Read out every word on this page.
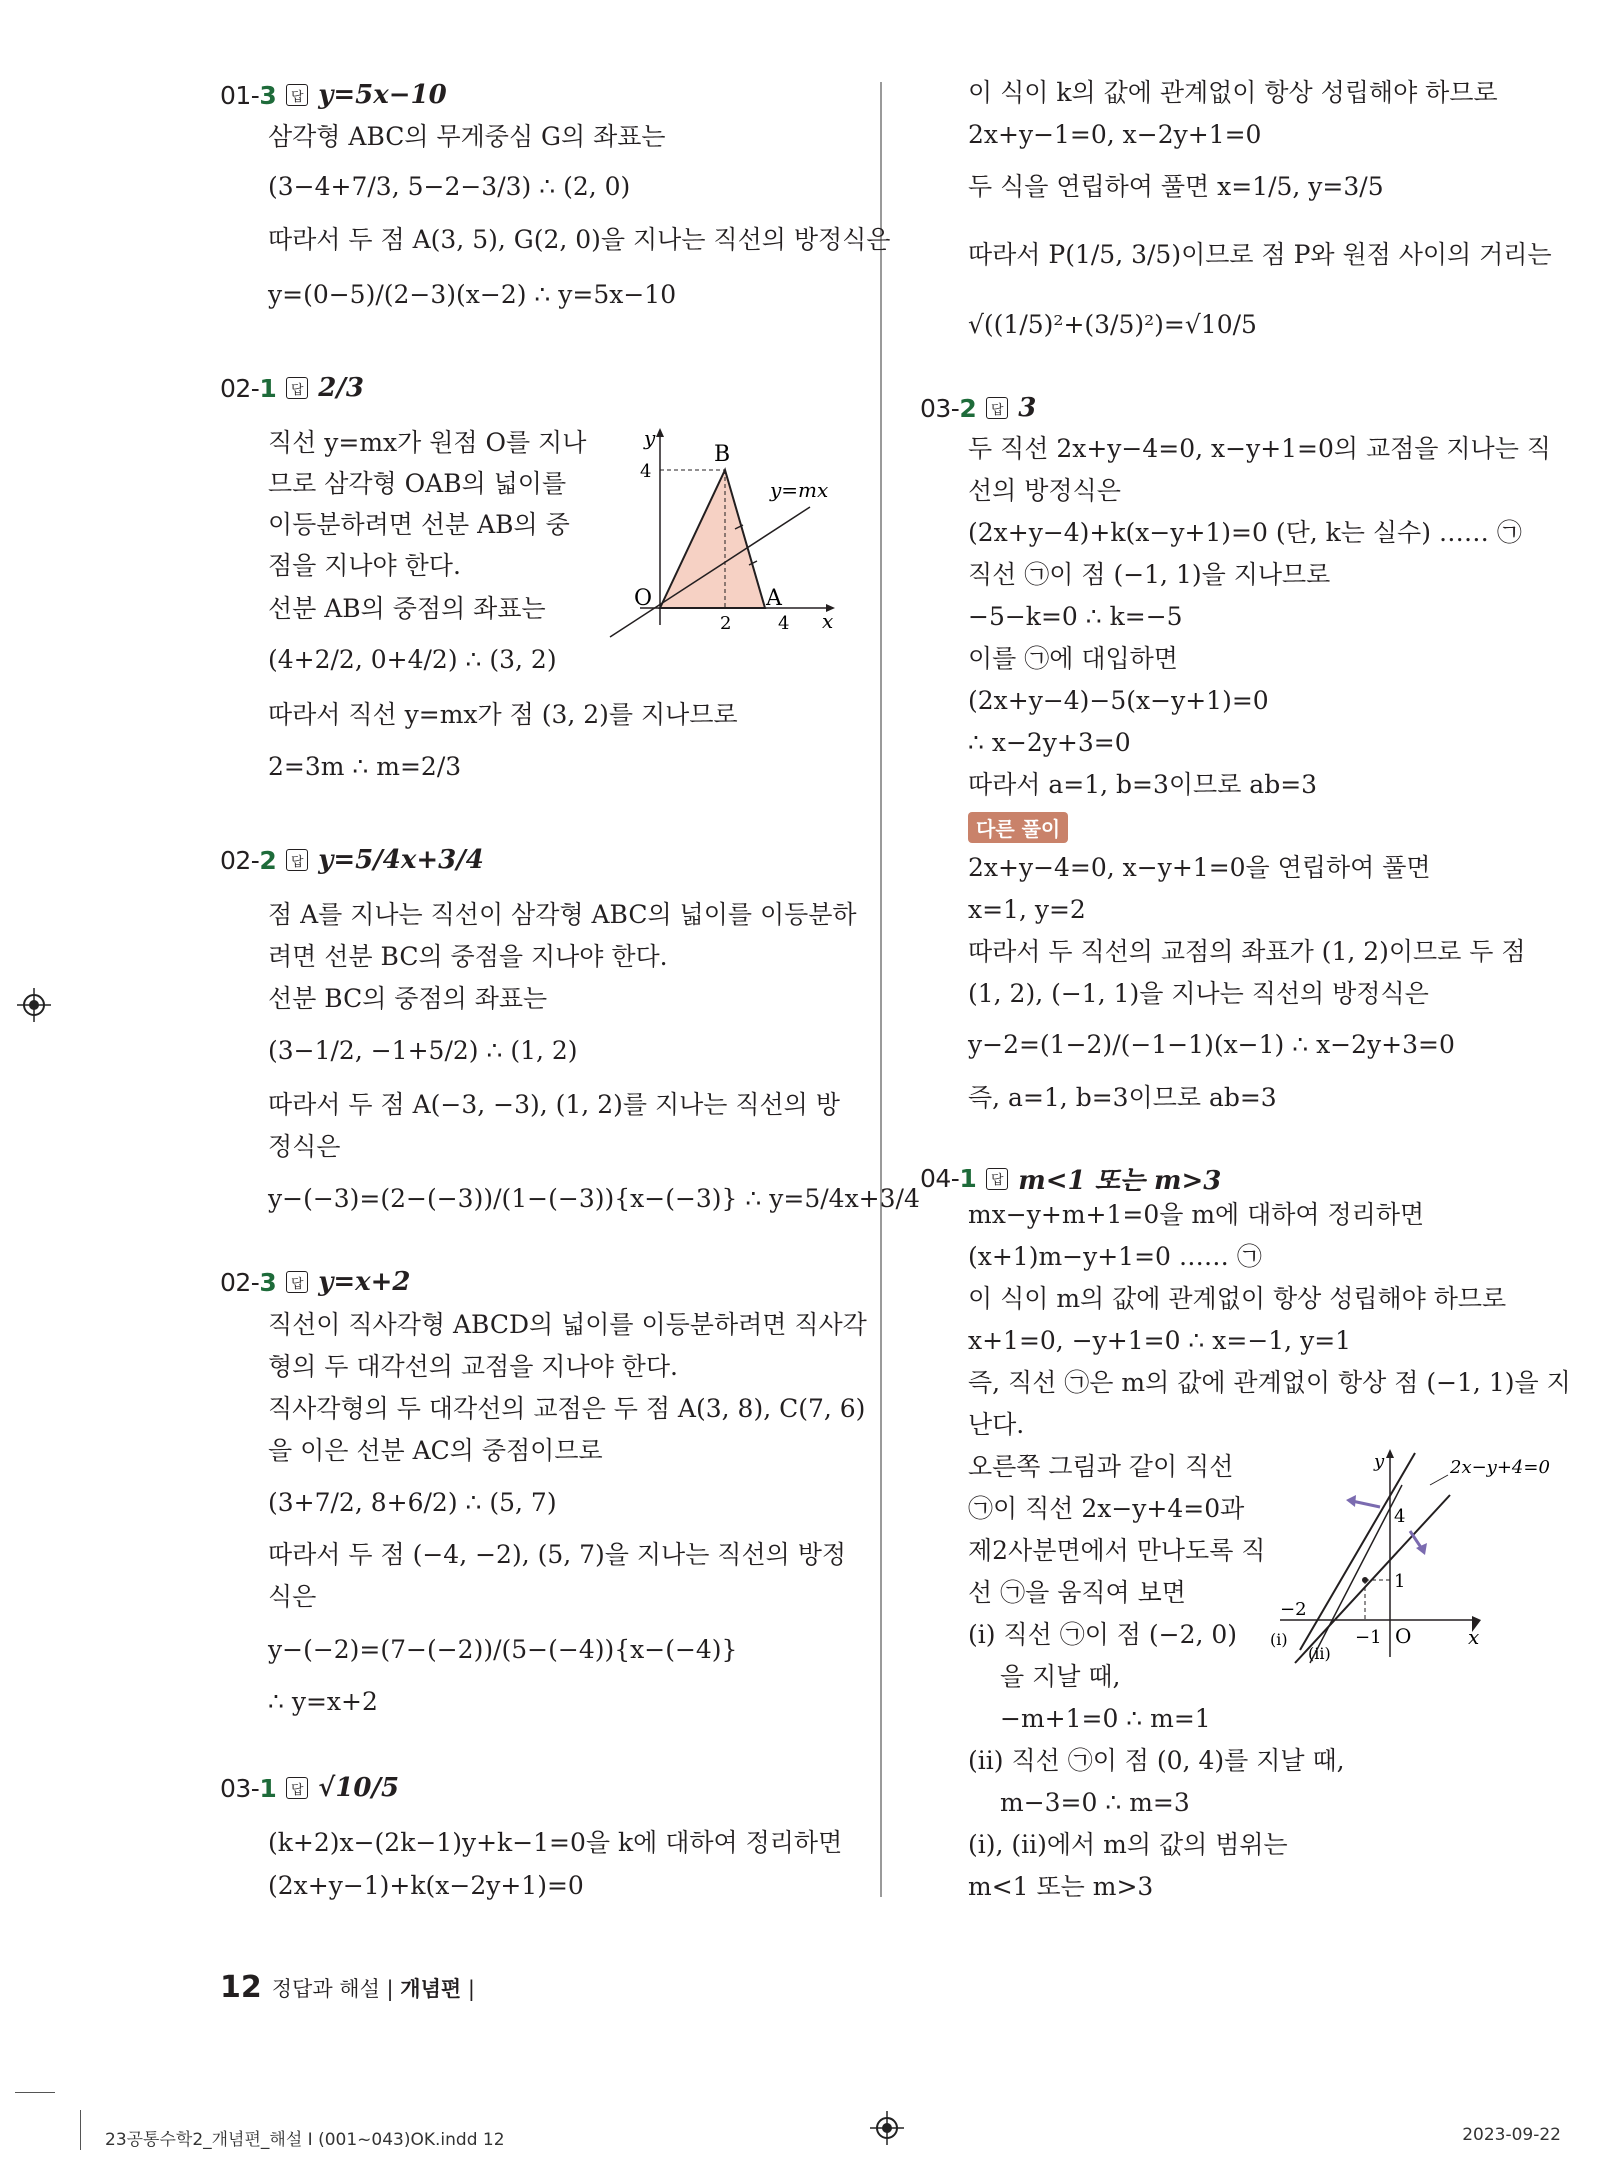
01-3	답 y=5x−10
삼각형 ABC의 무게중심 G의 좌표는
(3−4+7/3, 5−2−3/3) ∴ (2, 0)
따라서 두 점 A(3, 5), G(2, 0)을 지나는 직선의 방정식은
y=(0−5)/(2−3)(x−2) ∴ y=5x−10
02-1	답 2/3
직선 y=mx가 원점 O를 지나
므로 삼각형 OAB의 넓이를
이등분하려면 선분 AB의 중
점을 지나야 한다.
선분 AB의 중점의 좌표는
(4+2/2, 0+4/2) ∴ (3, 2)
따라서 직선 y=mx가 점 (3, 2)를 지나므로
2=3m ∴ m=2/3
y
x
O
B
A
4
2	4
y=mx
02-2	답 y=5/4x+3/4
점 A를 지나는 직선이 삼각형 ABC의 넓이를 이등분하
려면 선분 BC의 중점을 지나야 한다.
선분 BC의 중점의 좌표는
(3−1/2, −1+5/2) ∴ (1, 2)
따라서 두 점 A(−3, −3), (1, 2)를 지나는 직선의 방
정식은
y−(−3)=(2−(−3))/(1−(−3)){x−(−3)} ∴ y=5/4x+3/4
02-3	답 y=x+2
직선이 직사각형 ABCD의 넓이를 이등분하려면 직사각
형의 두 대각선의 교점을 지나야 한다.
직사각형의 두 대각선의 교점은 두 점 A(3, 8), C(7, 6)
을 이은 선분 AC의 중점이므로
(3+7/2, 8+6/2) ∴ (5, 7)
따라서 두 점 (−4, −2), (5, 7)을 지나는 직선의 방정
식은
y−(−2)=(7−(−2))/(5−(−4)){x−(−4)}
∴ y=x+2
03-1	답 √10/5
(k+2)x−(2k−1)y+k−1=0을 k에 대하여 정리하면
(2x+y−1)+k(x−2y+1)=0
12 정답과 해설 | 개념편 |
이 식이 k의 값에 관계없이 항상 성립해야 하므로
2x+y−1=0, x−2y+1=0
두 식을 연립하여 풀면 x=1/5, y=3/5
따라서 P(1/5, 3/5)이므로 점 P와 원점 사이의 거리는
√((1/5)²+(3/5)²)=√10/5
03-2	답 3
두 직선 2x+y−4=0, x−y+1=0의 교점을 지나는 직
선의 방정식은
(2x+y−4)+k(x−y+1)=0 (단, k는 실수) …… ㉠
직선 ㉠이 점 (−1, 1)을 지나므로
−5−k=0 ∴ k=−5
이를 ㉠에 대입하면
(2x+y−4)−5(x−y+1)=0
∴ x−2y+3=0
따라서 a=1, b=3이므로 ab=3
다른 풀이
2x+y−4=0, x−y+1=0을 연립하여 풀면
x=1, y=2
따라서 두 직선의 교점의 좌표가 (1, 2)이므로 두 점
(1, 2), (−1, 1)을 지나는 직선의 방정식은
y−2=(1−2)/(−1−1)(x−1) ∴ x−2y+3=0
즉, a=1, b=3이므로 ab=3
04-1	답 m<1 또는 m>3
mx−y+m+1=0을 m에 대하여 정리하면
(x+1)m−y+1=0 …… ㉠
이 식이 m의 값에 관계없이 항상 성립해야 하므로
x+1=0, −y+1=0 ∴ x=−1, y=1
즉, 직선 ㉠은 m의 값에 관계없이 항상 점 (−1, 1)을 지
난다.
오른쪽 그림과 같이 직선
㉠이 직선 2x−y+4=0과
제2사분면에서 만나도록 직
선 ㉠을 움직여 보면
(ⅰ) 직선 ㉠이 점 (−2, 0)
을 지날 때,
−m+1=0 ∴ m=1
(ⅱ) 직선 ㉠이 점 (0, 4)를 지날 때,
m−3=0 ∴ m=3
(ⅰ), (ⅱ)에서 m의 값의 범위는
m<1 또는 m>3
y
x
O
4
1
−2
−1
(ⅰ)
(ⅱ)
2x−y+4=0
23공통수학2_개념편_해설 I (001~043)OK.indd 12	2023-09-22
